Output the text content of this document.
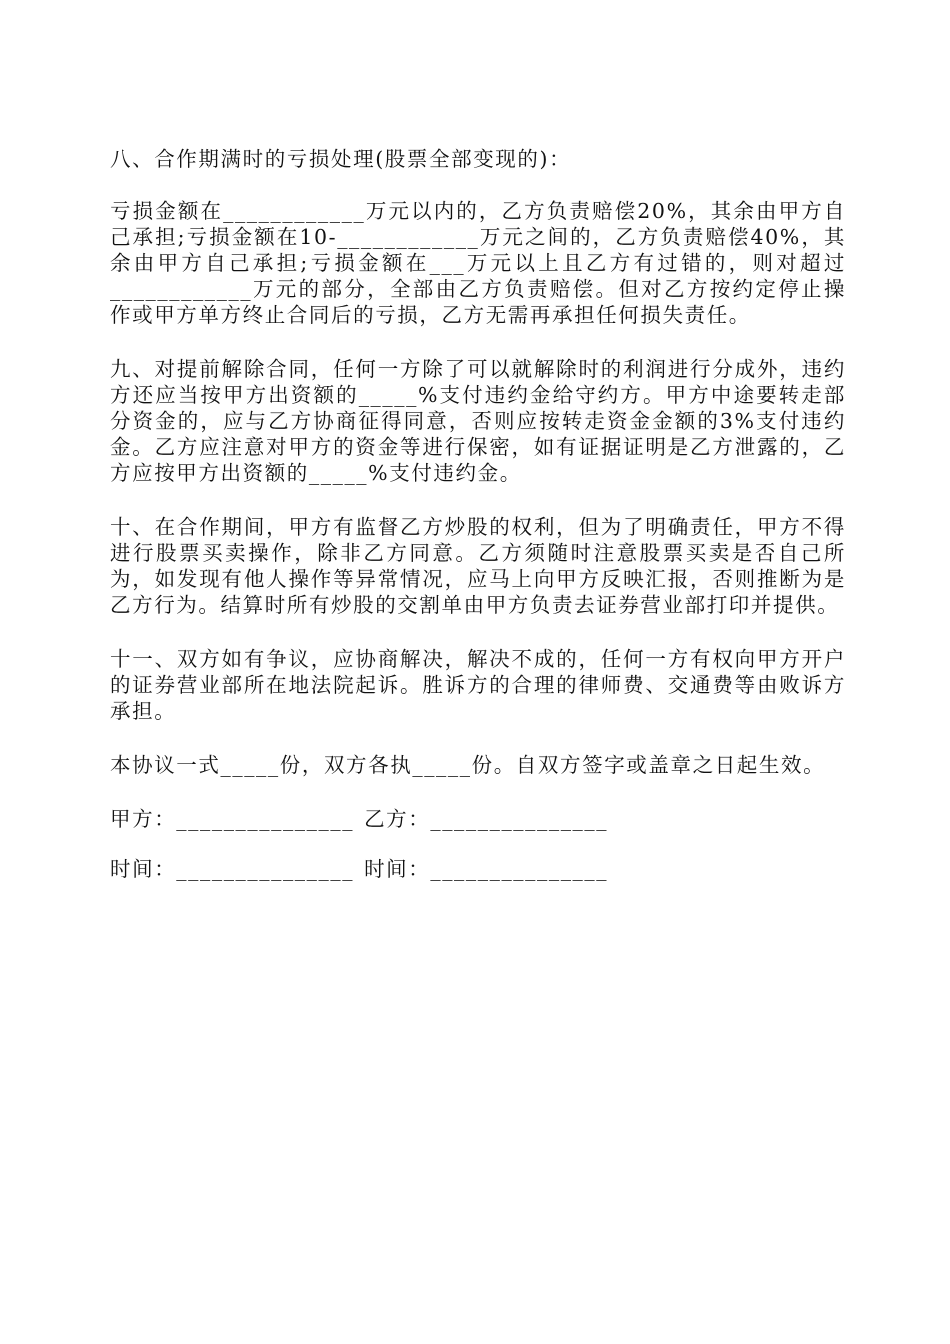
八、合作期满时的亏损处理(股票全部变现的)：

亏损金额在____________万元以内的，乙方负责赔偿20%，其余由甲方自己承担;亏损金额在10-____________万元之间的，乙方负责赔偿40%，其余由甲方自己承担;亏损金额在___万元以上且乙方有过错的，则对超过____________万元的部分，全部由乙方负责赔偿。但对乙方按约定停止操作或甲方单方终止合同后的亏损，乙方无需再承担任何损失责任。

九、对提前解除合同，任何一方除了可以就解除时的利润进行分成外，违约方还应当按甲方出资额的_____%支付违约金给守约方。甲方中途要转走部分资金的，应与乙方协商征得同意，否则应按转走资金金额的3%支付违约金。乙方应注意对甲方的资金等进行保密，如有证据证明是乙方泄露的，乙方应按甲方出资额的_____%支付违约金。

十、在合作期间，甲方有监督乙方炒股的权利，但为了明确责任，甲方不得进行股票买卖操作，除非乙方同意。乙方须随时注意股票买卖是否自己所为，如发现有他人操作等异常情况，应马上向甲方反映汇报，否则推断为是乙方行为。结算时所有炒股的交割单由甲方负责去证券营业部打印并提供。

十一、双方如有争议，应协商解决，解决不成的，任何一方有权向甲方开户的证券营业部所在地法院起诉。胜诉方的合理的律师费、交通费等由败诉方承担。

本协议一式_____份，双方各执_____份。自双方签字或盖章之日起生效。

甲方：_______________ 乙方：_______________
时间：_______________ 时间：_______________
